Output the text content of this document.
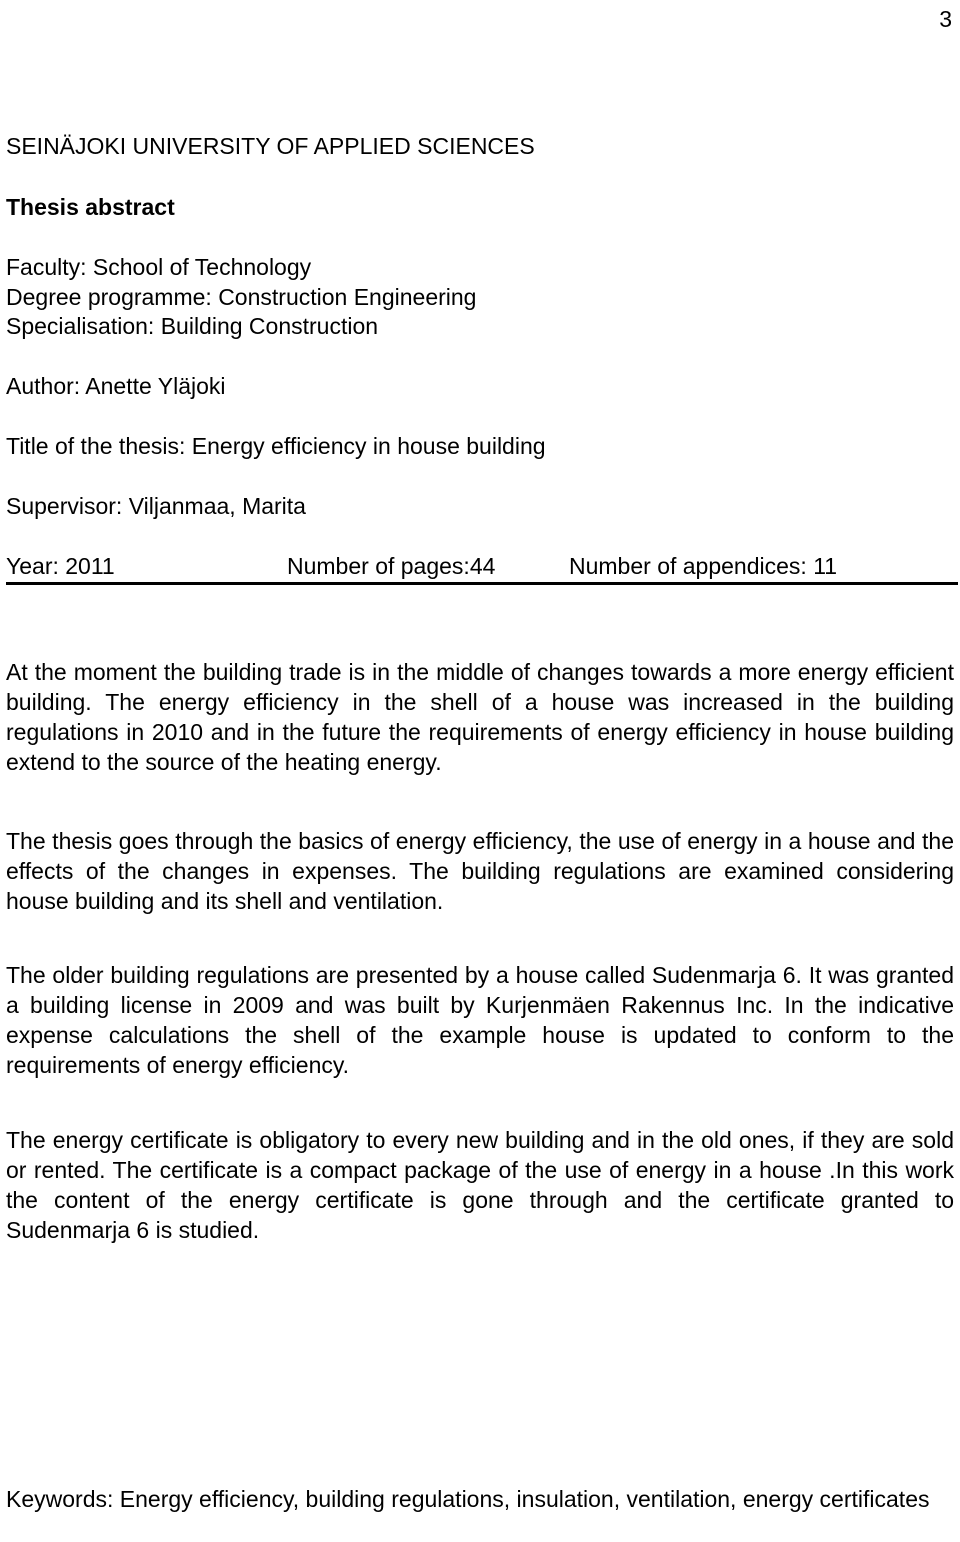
3
SEINÄJOKI UNIVERSITY OF APPLIED SCIENCES
Thesis abstract
Faculty: School of Technology
Degree programme: Construction Engineering
Specialisation: Building Construction
Author: Anette Yläjoki
Title of the thesis: Energy efficiency in house building
Supervisor: Viljanmaa, Marita
Year: 2011	Number of pages:44	Number of appendices: 11
At the moment the building trade is in the middle of changes towards a more energy efficient building. The energy efficiency in the shell of a house was increased in the building regulations in 2010 and in the future the requirements of energy efficiency in house building extend to the source of the heating energy.
The thesis goes through the basics of energy efficiency, the use of energy in a house and the effects of the changes in expenses. The building regulations are examined considering house building and its shell and ventilation.
The older building regulations are presented by a house called Sudenmarja 6. It was granted a building license in 2009 and was built by Kurjenmäen Rakennus Inc. In the indicative expense calculations the shell of the example house is updated to conform to the requirements of energy efficiency.
The energy certificate is obligatory to every new building and in the old ones, if they are sold or rented. The certificate is a compact package of the use of energy in a house .In this work the content of the energy certificate is gone through and the certificate granted to Sudenmarja 6 is studied.
Keywords: Energy efficiency, building regulations, insulation, ventilation, energy certificates
